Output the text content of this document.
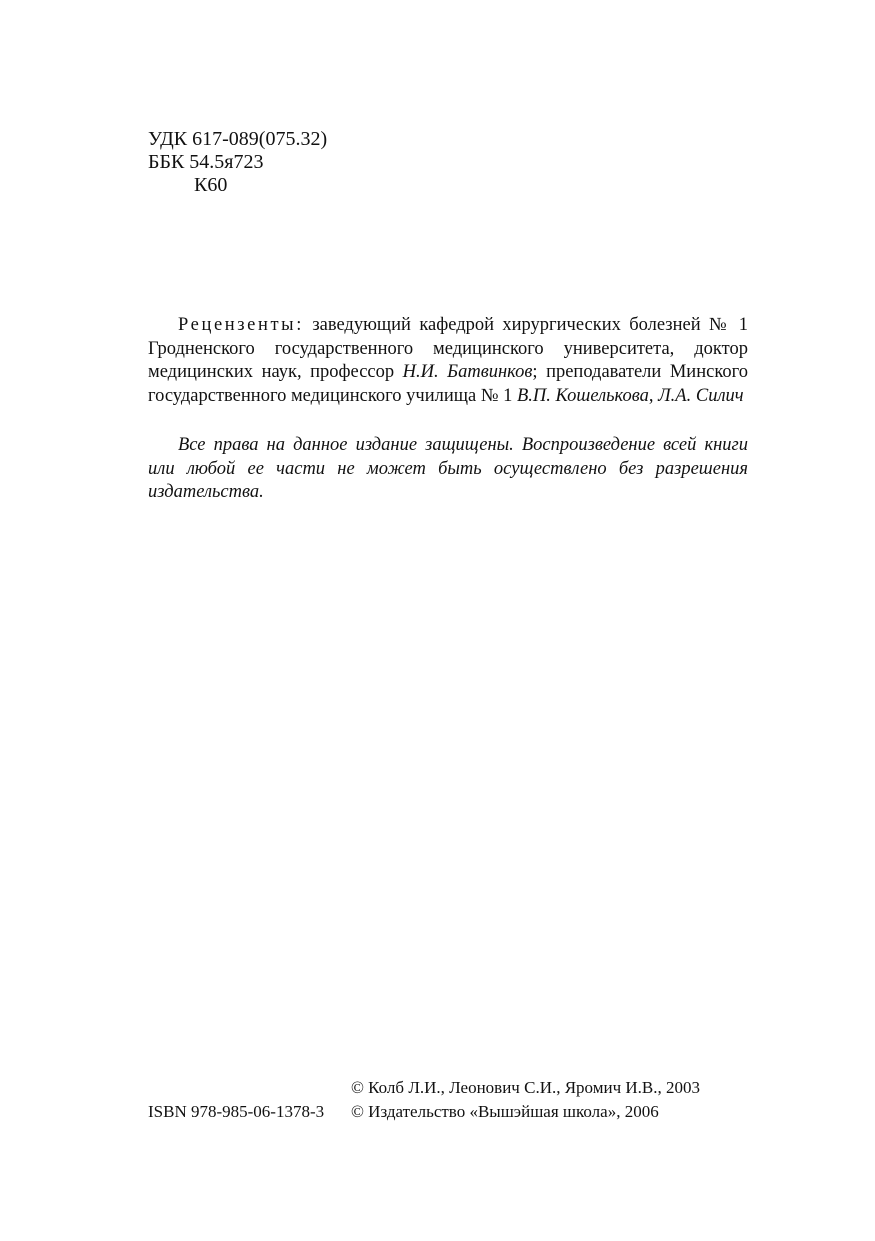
УДК 617-089(075.32)
ББК 54.5я723
К60

Рецензенты: заведующий кафедрой хирургических болезней № 1 Гродненского государственного медицинского университета, доктор медицинских наук, профессор Н.И. Батвинков; преподаватели Минского государственного медицинского училища № 1 В.П. Кошелькова, Л.А. Силич

Все права на данное издание защищены. Воспроизведение всей книги или любой ее части не может быть осуществлено без разрешения издательства.

© Колб Л.И., Леонович С.И., Яромич И.В., 2003
ISBN 978-985-06-1378-3	© Издательство «Вышэйшая школа», 2006
